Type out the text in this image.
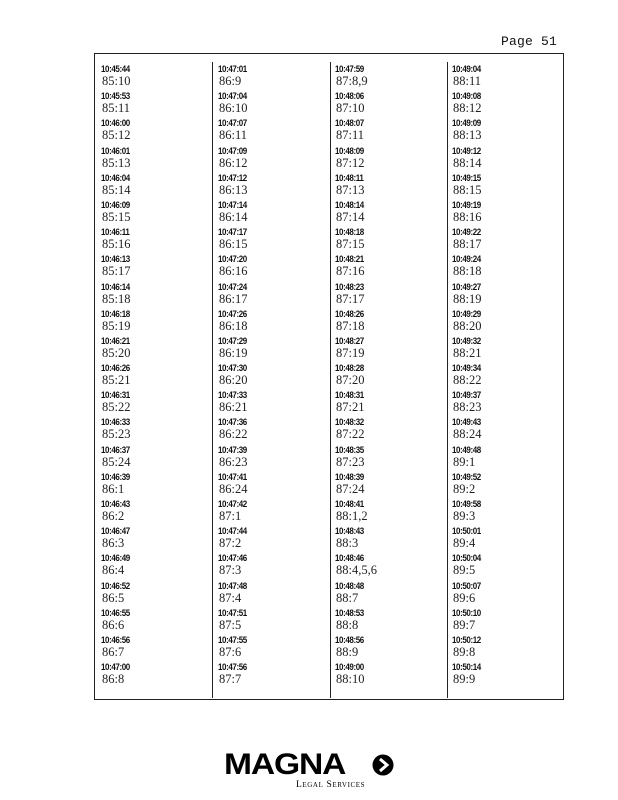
Page 51
10:45:44
85:10
10:45:53
85:11
10:46:00
85:12
10:46:01
85:13
10:46:04
85:14
10:46:09
85:15
10:46:11
85:16
10:46:13
85:17
10:46:14
85:18
10:46:18
85:19
10:46:21
85:20
10:46:26
85:21
10:46:31
85:22
10:46:33
85:23
10:46:37
85:24
10:46:39
86:1
10:46:43
86:2
10:46:47
86:3
10:46:49
86:4
10:46:52
86:5
10:46:55
86:6
10:46:56
86:7
10:47:00
86:8
10:47:01
86:9
10:47:04
86:10
10:47:07
86:11
10:47:09
86:12
10:47:12
86:13
10:47:14
86:14
10:47:17
86:15
10:47:20
86:16
10:47:24
86:17
10:47:26
86:18
10:47:29
86:19
10:47:30
86:20
10:47:33
86:21
10:47:36
86:22
10:47:39
86:23
10:47:41
86:24
10:47:42
87:1
10:47:44
87:2
10:47:46
87:3
10:47:48
87:4
10:47:51
87:5
10:47:55
87:6
10:47:56
87:7
10:47:59
87:8,9
10:48:06
87:10
10:48:07
87:11
10:48:09
87:12
10:48:11
87:13
10:48:14
87:14
10:48:18
87:15
10:48:21
87:16
10:48:23
87:17
10:48:26
87:18
10:48:27
87:19
10:48:28
87:20
10:48:31
87:21
10:48:32
87:22
10:48:35
87:23
10:48:39
87:24
10:48:41
88:1,2
10:48:43
88:3
10:48:46
88:4,5,6
10:48:48
88:7
10:48:53
88:8
10:48:56
88:9
10:49:00
88:10
10:49:04
88:11
10:49:08
88:12
10:49:09
88:13
10:49:12
88:14
10:49:15
88:15
10:49:19
88:16
10:49:22
88:17
10:49:24
88:18
10:49:27
88:19
10:49:29
88:20
10:49:32
88:21
10:49:34
88:22
10:49:37
88:23
10:49:43
88:24
10:49:48
89:1
10:49:52
89:2
10:49:58
89:3
10:50:01
89:4
10:50:04
89:5
10:50:07
89:6
10:50:10
89:7
10:50:12
89:8
10:50:14
89:9
MAGNA
Legal Services
